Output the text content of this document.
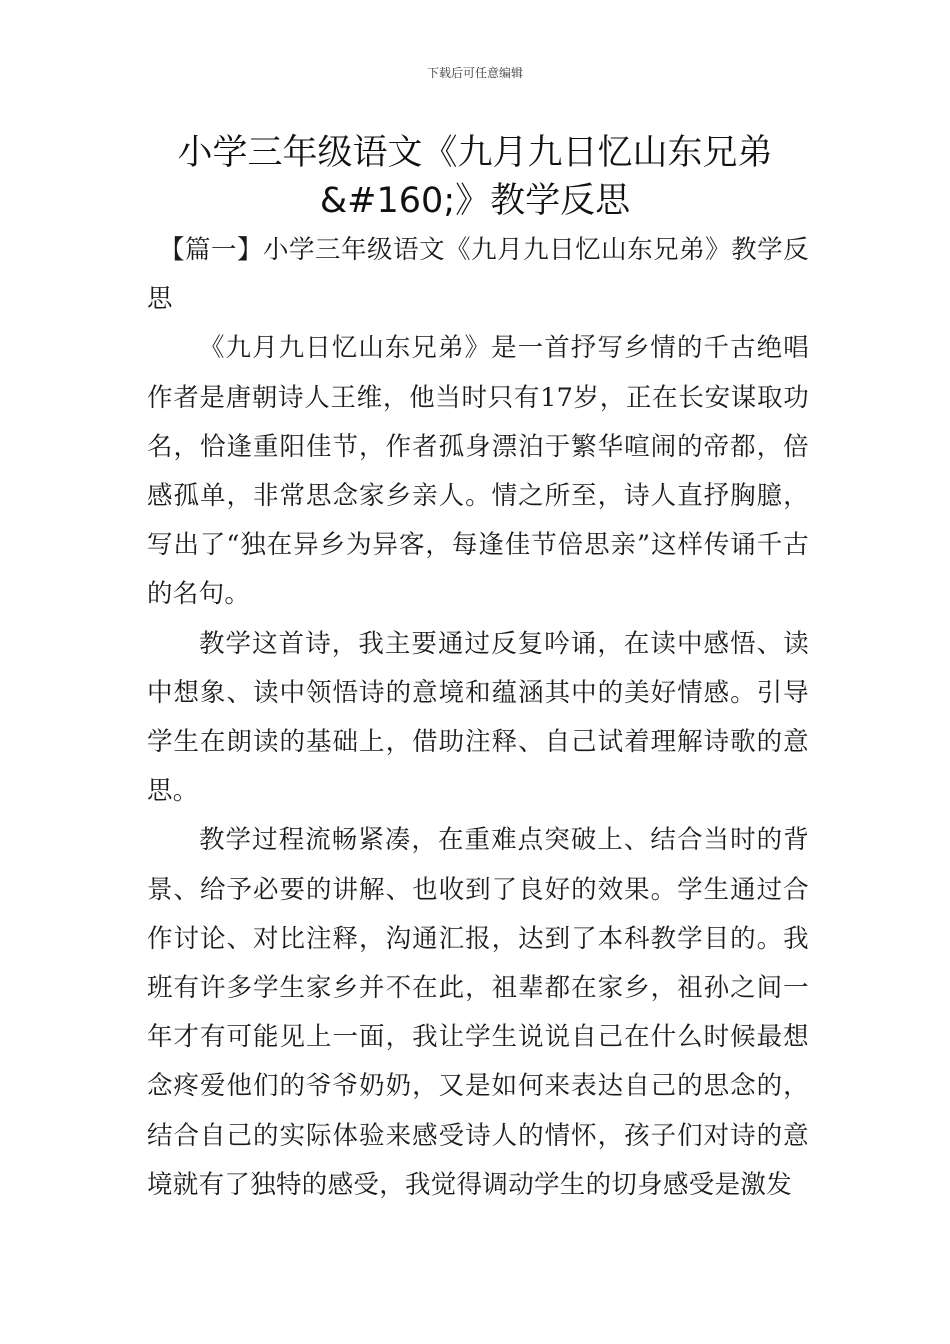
下载后可任意编辑
小学三年级语文《九月九日忆山东兄弟
&#160;》教学反思

【篇一】小学三年级语文《九月九日忆山东兄弟》教学反思

《九月九日忆山东兄弟》是一首抒写乡情的千古绝唱作者是唐朝诗人王维，他当时只有17岁，正在长安谋取功名，恰逢重阳佳节，作者孤身漂泊于繁华喧闹的帝都，倍感孤单，非常思念家乡亲人。情之所至，诗人直抒胸臆，写出了“独在异乡为异客，每逢佳节倍思亲”这样传诵千古的名句。

教学这首诗，我主要通过反复吟诵，在读中感悟、读中想象、读中领悟诗的意境和蕴涵其中的美好情感。引导学生在朗读的基础上，借助注释、自己试着理解诗歌的意思。

教学过程流畅紧凑，在重难点突破上、结合当时的背景、给予必要的讲解、也收到了良好的效果。学生通过合作讨论、对比注释，沟通汇报，达到了本科教学目的。我班有许多学生家乡并不在此，祖辈都在家乡，祖孙之间一年才有可能见上一面，我让学生说说自己在什么时候最想念疼爱他们的爷爷奶奶，又是如何来表达自己的思念的，结合自己的实际体验来感受诗人的情怀，孩子们对诗的意境就有了独特的感受，我觉得调动学生的切身感受是激发
